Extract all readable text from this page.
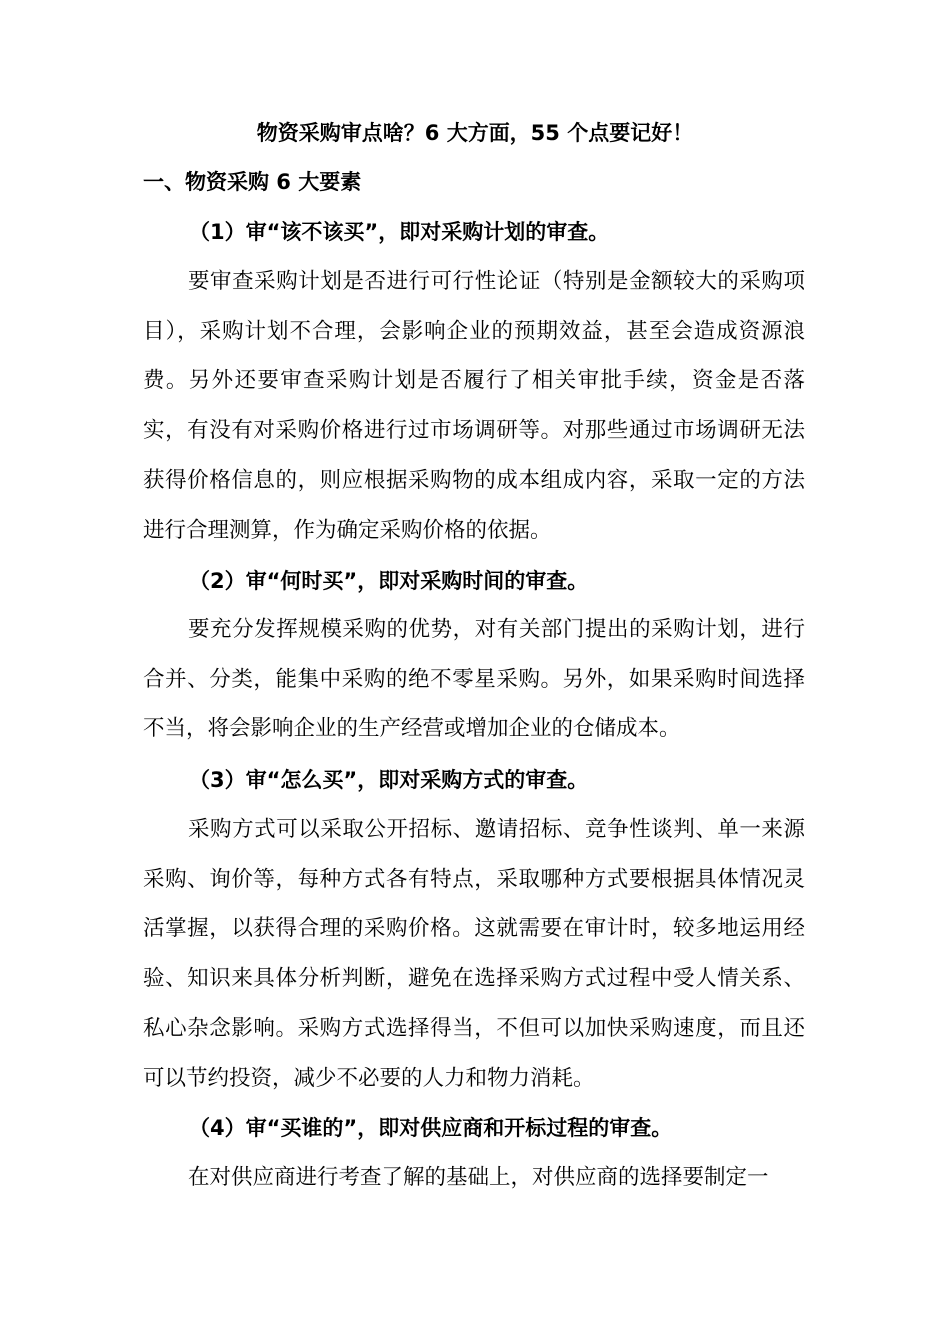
物资采购审点啥？6 大方面，55 个点要记好！
一、物资采购 6 大要素
（1）审“该不该买”，即对采购计划的审查。

要审查采购计划是否进行可行性论证（特别是金额较大的采购项目），采购计划不合理，会影响企业的预期效益，甚至会造成资源浪费。另外还要审查采购计划是否履行了相关审批手续，资金是否落实，有没有对采购价格进行过市场调研等。对那些通过市场调研无法获得价格信息的，则应根据采购物的成本组成内容，采取一定的方法进行合理测算，作为确定采购价格的依据。

（2）审“何时买”，即对采购时间的审查。

要充分发挥规模采购的优势，对有关部门提出的采购计划，进行合并、分类，能集中采购的绝不零星采购。另外，如果采购时间选择不当，将会影响企业的生产经营或增加企业的仓储成本。

（3）审“怎么买”，即对采购方式的审查。

采购方式可以采取公开招标、邀请招标、竞争性谈判、单一来源采购、询价等，每种方式各有特点，采取哪种方式要根据具体情况灵活掌握，以获得合理的采购价格。这就需要在审计时，较多地运用经验、知识来具体分析判断，避免在选择采购方式过程中受人情关系、私心杂念影响。采购方式选择得当，不但可以加快采购速度，而且还可以节约投资，减少不必要的人力和物力消耗。

（4）审“买谁的”，即对供应商和开标过程的审查。

在对供应商进行考查了解的基础上，对供应商的选择要制定一
